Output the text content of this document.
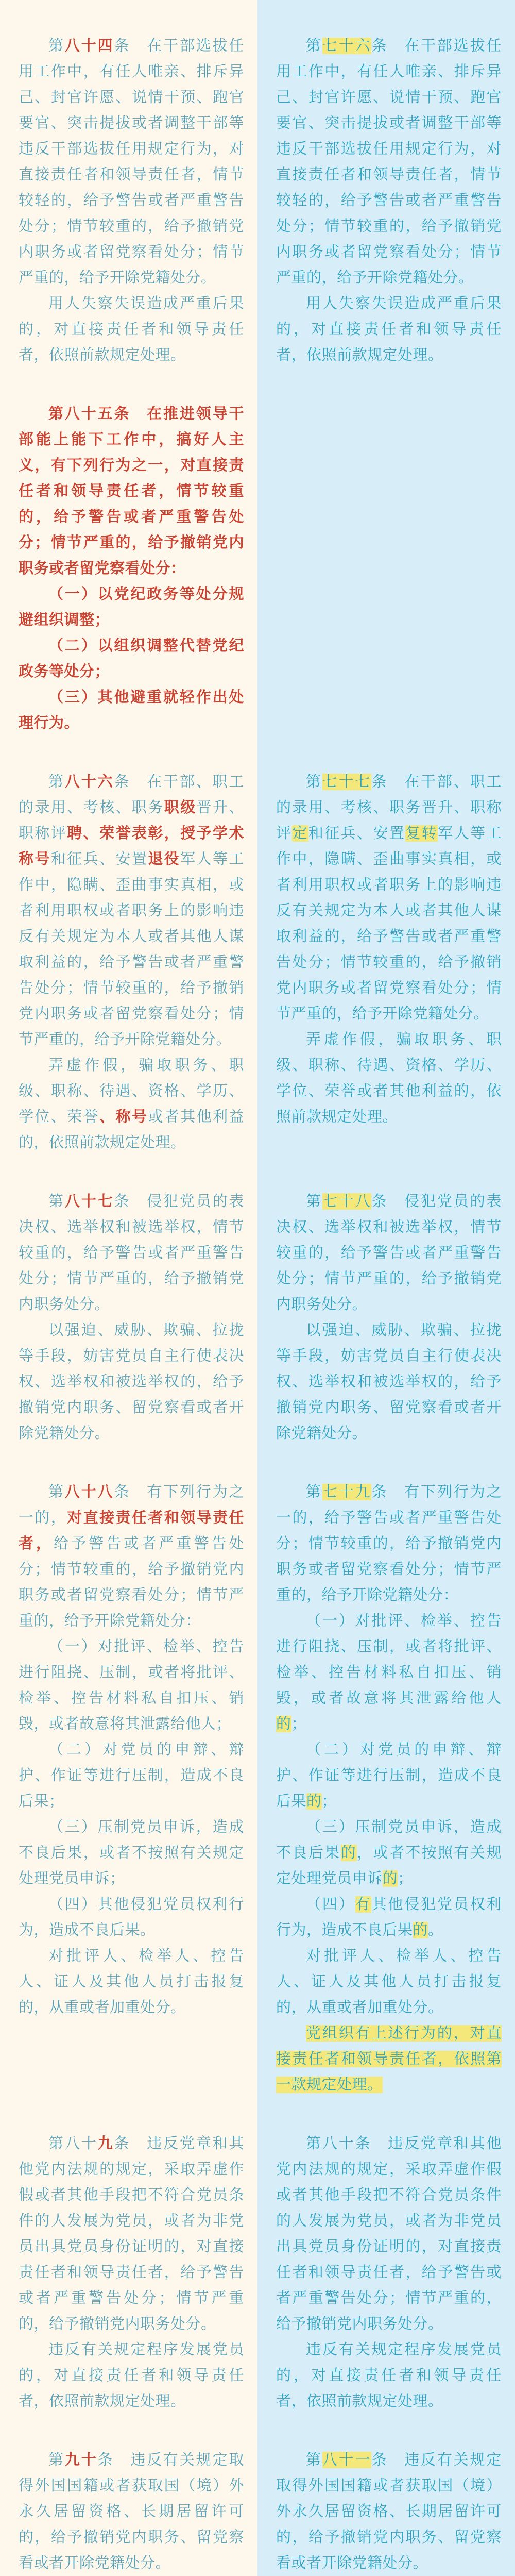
第八十四条　在干部选拔任用工作中，有任人唯亲、排斥异己、封官许愿、说情干预、跑官要官、突击提拔或者调整干部等违反干部选拔任用规定行为，对直接责任者和领导责任者，情节较轻的，给予警告或者严重警告处分；情节较重的，给予撤销党内职务或者留党察看处分；情节严重的，给予开除党籍处分。

用人失察失误造成严重后果的，对直接责任者和领导责任者，依照前款规定处理。

第七十六条　在干部选拔任用工作中，有任人唯亲、排斥异己、封官许愿、说情干预、跑官要官、突击提拔或者调整干部等违反干部选拔任用规定行为，对直接责任者和领导责任者，情节较轻的，给予警告或者严重警告处分；情节较重的，给予撤销党内职务或者留党察看处分；情节严重的，给予开除党籍处分。

用人失察失误造成严重后果的，对直接责任者和领导责任者，依照前款规定处理。

第八十五条　在推进领导干部能上能下工作中，搞好人主义，有下列行为之一，对直接责任者和领导责任者，情节较重的，给予警告或者严重警告处分；情节严重的，给予撤销党内职务或者留党察看处分：

（一）以党纪政务等处分规避组织调整；

（二）以组织调整代替党纪政务等处分；

（三）其他避重就轻作出处理行为。

第八十六条　在干部、职工的录用、考核、职务职级晋升、职称评聘、荣誉表彰，授予学术称号和征兵、安置退役军人等工作中，隐瞒、歪曲事实真相，或者利用职权或者职务上的影响违反有关规定为本人或者其他人谋取利益的，给予警告或者严重警告处分；情节较重的，给予撤销党内职务或者留党察看处分；情节严重的，给予开除党籍处分。

弄虚作假，骗取职务、职级、职称、待遇、资格、学历、学位、荣誉、称号或者其他利益的，依照前款规定处理。

第七十七条　在干部、职工的录用、考核、职务晋升、职称评定和征兵、安置复转军人等工作中，隐瞒、歪曲事实真相，或者利用职权或者职务上的影响违反有关规定为本人或者其他人谋取利益的，给予警告或者严重警告处分；情节较重的，给予撤销党内职务或者留党察看处分；情节严重的，给予开除党籍处分。

弄虚作假，骗取职务、职级、职称、待遇、资格、学历、学位、荣誉或者其他利益的，依照前款规定处理。

第八十七条　侵犯党员的表决权、选举权和被选举权，情节较重的，给予警告或者严重警告处分；情节严重的，给予撤销党内职务处分。

以强迫、威胁、欺骗、拉拢等手段，妨害党员自主行使表决权、选举权和被选举权的，给予撤销党内职务、留党察看或者开除党籍处分。

第七十八条　侵犯党员的表决权、选举权和被选举权，情节较重的，给予警告或者严重警告处分；情节严重的，给予撤销党内职务处分。

以强迫、威胁、欺骗、拉拢等手段，妨害党员自主行使表决权、选举权和被选举权的，给予撤销党内职务、留党察看或者开除党籍处分。

第八十八条　有下列行为之一的，对直接责任者和领导责任者，给予警告或者严重警告处分；情节较重的，给予撤销党内职务或者留党察看处分；情节严重的，给予开除党籍处分：

（一）对批评、检举、控告进行阻挠、压制，或者将批评、检举、控告材料私自扣压、销毁，或者故意将其泄露给他人；

（二）对党员的申辩、辩护、作证等进行压制，造成不良后果；

（三）压制党员申诉，造成不良后果，或者不按照有关规定处理党员申诉；

（四）其他侵犯党员权利行为，造成不良后果。

对批评人、检举人、控告人、证人及其他人员打击报复的，从重或者加重处分。

第七十九条　有下列行为之一的，给予警告或者严重警告处分；情节较重的，给予撤销党内职务或者留党察看处分；情节严重的，给予开除党籍处分：

（一）对批评、检举、控告进行阻挠、压制，或者将批评、检举、控告材料私自扣压、销毁，或者故意将其泄露给他人的；

（二）对党员的申辩、辩护、作证等进行压制，造成不良后果的；

（三）压制党员申诉，造成不良后果的，或者不按照有关规定处理党员申诉的；

（四）有其他侵犯党员权利行为，造成不良后果的。

对批评人、检举人、控告人、证人及其他人员打击报复的，从重或者加重处分。

党组织有上述行为的，对直接责任者和领导责任者，依照第一款规定处理。

第八十九条　违反党章和其他党内法规的规定，采取弄虚作假或者其他手段把不符合党员条件的人发展为党员，或者为非党员出具党员身份证明的，对直接责任者和领导责任者，给予警告或者严重警告处分；情节严重的，给予撤销党内职务处分。

违反有关规定程序发展党员的，对直接责任者和领导责任者，依照前款规定处理。

第八十条　违反党章和其他党内法规的规定，采取弄虚作假或者其他手段把不符合党员条件的人发展为党员，或者为非党员出具党员身份证明的，对直接责任者和领导责任者，给予警告或者严重警告处分；情节严重的，给予撤销党内职务处分。

违反有关规定程序发展党员的，对直接责任者和领导责任者，依照前款规定处理。

第九十条　违反有关规定取得外国国籍或者获取国（境）外永久居留资格、长期居留许可的，给予撤销党内职务、留党察看或者开除党籍处分。

第八十一条　违反有关规定取得外国国籍或者获取国（境）外永久居留资格、长期居留许可的，给予撤销党内职务、留党察看或者开除党籍处分。
